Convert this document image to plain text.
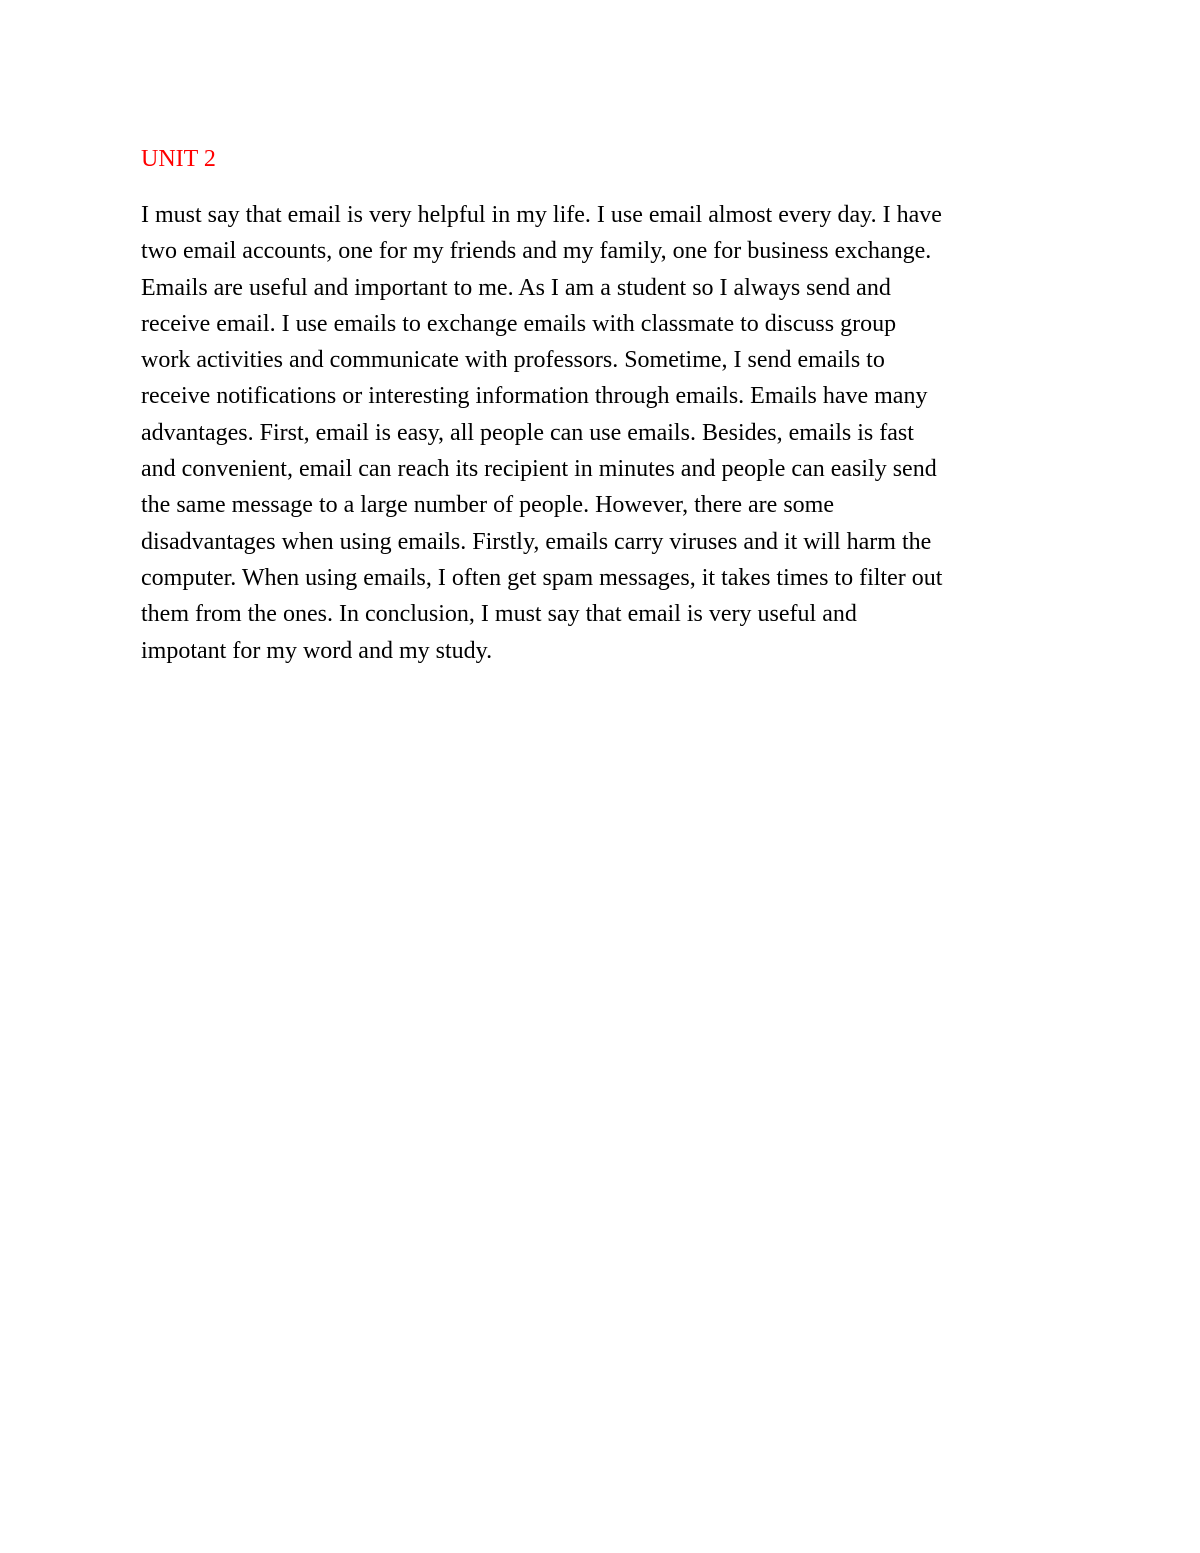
UNIT 2

I must say that email is very helpful in my life. I use email almost every day. I have
two email accounts, one for my friends and my family, one for business exchange.
Emails are useful and important to me. As I am a student so I always send and
receive email. I use emails to exchange emails with classmate to discuss group
work activities and communicate with professors. Sometime, I send emails to
receive notifications or interesting information through emails. Emails have many
advantages. First, email is easy, all people can use emails. Besides, emails is fast
and convenient, email can reach its recipient in minutes and people can easily send
the same message to a large number of people. However, there are some
disadvantages when using emails. Firstly, emails carry viruses and it will harm the
computer. When using emails, I often get spam messages, it takes times to filter out
them from the ones. In conclusion, I must say that email is very useful and
impotant for my word and my study.
